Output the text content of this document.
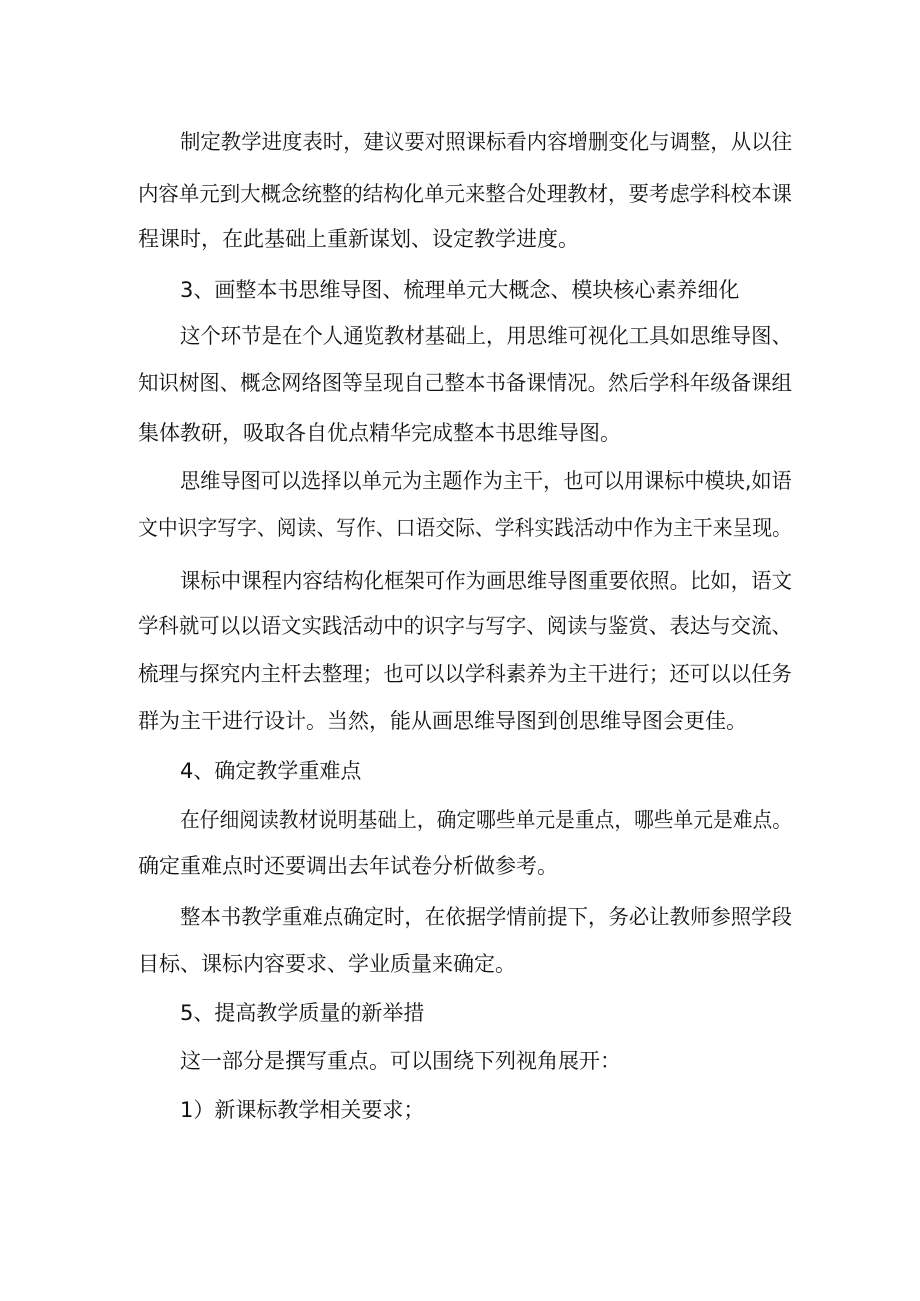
制定教学进度表时，建议要对照课标看内容增删变化与调整，从以往
内容单元到大概念统整的结构化单元来整合处理教材，要考虑学科校本课
程课时，在此基础上重新谋划、设定教学进度。
3、画整本书思维导图、梳理单元大概念、模块核心素养细化
这个环节是在个人通览教材基础上，用思维可视化工具如思维导图、
知识树图、概念网络图等呈现自己整本书备课情况。然后学科年级备课组
集体教研，吸取各自优点精华完成整本书思维导图。
思维导图可以选择以单元为主题作为主干，也可以用课标中模块,如语
文中识字写字、阅读、写作、口语交际、学科实践活动中作为主干来呈现。
课标中课程内容结构化框架可作为画思维导图重要依照。比如，语文
学科就可以以语文实践活动中的识字与写字、阅读与鉴赏、表达与交流、
梳理与探究内主杆去整理；也可以以学科素养为主干进行；还可以以任务
群为主干进行设计。当然，能从画思维导图到创思维导图会更佳。
4、确定教学重难点
在仔细阅读教材说明基础上，确定哪些单元是重点，哪些单元是难点。
确定重难点时还要调出去年试卷分析做参考。
整本书教学重难点确定时，在依据学情前提下，务必让教师参照学段
目标、课标内容要求、学业质量来确定。
5、提高教学质量的新举措
这一部分是撰写重点。可以围绕下列视角展开：
1）新课标教学相关要求；
